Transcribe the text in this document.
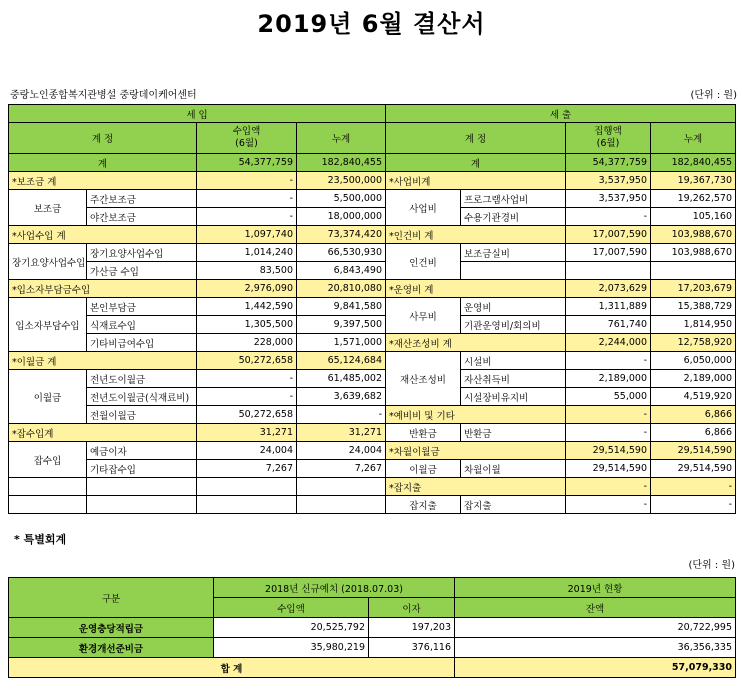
2019년 6월 결산서
중랑노인종합복지관병설 중랑데이케어센터	(단위 : 원)
세 입				세 출			
계 정		수입액
(6월)	누계	계 정		집행액
(6월)	누계
계		54,377,759	182,840,455	계		54,377,759	182,840,455
*보조금 계		-	23,500,000	*사업비계		3,537,950	19,367,730
보조금	주간보조금	-	5,500,000	사업비	프로그램사업비	3,537,950	19,262,570
	야간보조금	-	18,000,000		수용기관경비	-	105,160
*사업수입 계		1,097,740	73,374,420	*인건비 계		17,007,590	103,988,670
장기요양사업수입	장기요양사업수입	1,014,240	66,530,930	인건비	보조금실비	17,007,590	103,988,670
	가산금 수입	83,500	6,843,490				
*입소자부담금수입		2,976,090	20,810,080	*운영비 계		2,073,629	17,203,679
입소자부담수입	본인부담금	1,442,590	9,841,580	사무비	운영비	1,311,889	15,388,729
	식재료수입	1,305,500	9,397,500		기관운영비/회의비	761,740	1,814,950
	기타비급여수입	228,000	1,571,000	*재산조성비 계		2,244,000	12,758,920
*이월금 계		50,272,658	65,124,684	재산조성비	시설비	-	6,050,000
이월금	전년도이월금	-	61,485,002		자산취득비	2,189,000	2,189,000
	전년도이월금(식재료비)	-	3,639,682		시설장비유지비	55,000	4,519,920
	전월이월금	50,272,658	-	*예비비 및 기타		-	6,866
*잡수입계		31,271	31,271	반환금	반환금	-	6,866
잡수입	예금이자	24,004	24,004	*차월이월금		29,514,590	29,514,590
	기타잡수입	7,267	7,267	이월금	차월이월	29,514,590	29,514,590
				*잡지출		-	-
				잡지출	잡지출	-	-
* 특별회계
(단위 : 원)
구분	2018년 신규예치 (2018.07.03)		2019년 현황
	수입액	이자	잔액
운영충당적립금	20,525,792	197,203	20,722,995
환경개선준비금	35,980,219	376,116	36,356,335
합 계			57,079,330
